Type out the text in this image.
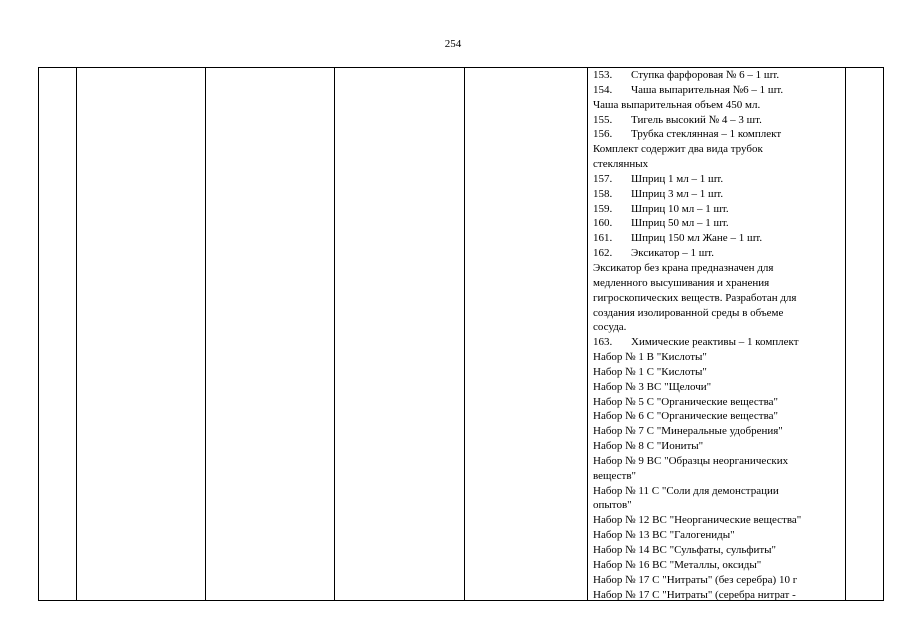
254
153. Ступка фарфоровая № 6 – 1 шт.
154. Чаша выпарительная №6 – 1 шт.
Чаша выпарительная объем 450 мл.
155. Тигель высокий № 4 – 3 шт.
156. Трубка стеклянная – 1 комплект
Комплект содержит два вида трубок
стеклянных
157. Шприц 1 мл – 1 шт.
158. Шприц 3 мл – 1 шт.
159. Шприц 10 мл – 1 шт.
160. Шприц 50 мл – 1 шт.
161. Шприц 150 мл Жане – 1 шт.
162. Эксикатор – 1 шт.
Эксикатор без крана предназначен для
медленного высушивания и хранения
гигроскопических веществ. Разработан для
создания изолированной среды в объеме
сосуда.
163. Химические реактивы – 1 комплект
Набор № 1 В "Кислоты"
Набор № 1 С "Кислоты"
Набор № 3 ВС "Щелочи"
Набор № 5 С "Органические вещества"
Набор № 6 С "Органические вещества"
Набор № 7 С "Минеральные удобрения"
Набор № 8 С "Иониты"
Набор № 9 ВС "Образцы неорганических
веществ"
Набор № 11 С "Соли для демонстрации
опытов"
Набор № 12 ВС "Неорганические вещества"
Набор № 13 ВС "Галогениды"
Набор № 14 ВС "Сульфаты, сульфиты"
Набор № 16 ВС "Металлы, оксиды"
Набор № 17 С "Нитраты" (без серебра) 10 г
Набор № 17 С "Нитраты" (серебра нитрат -
